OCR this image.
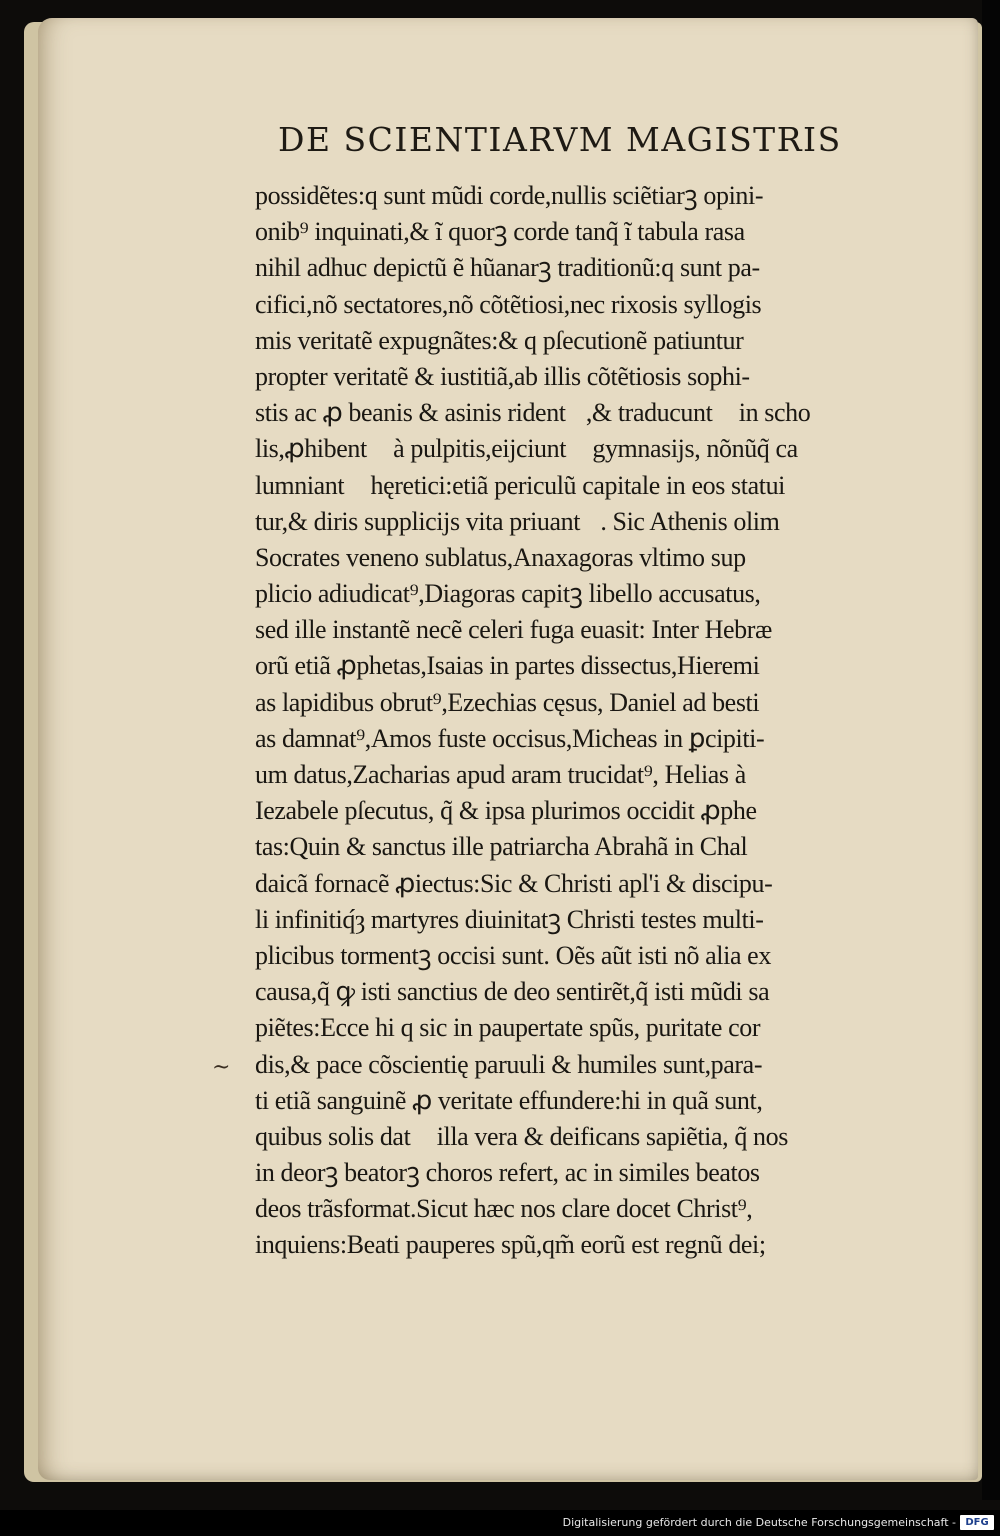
DE SCIENTIARVM MAGISTRIS
possidẽtes:q sunt mũdi corde,nullis sciẽtiarꝫ opini-
onib⁹ inquinati,& ĩ quorꝫ corde tanq̃ ĩ tabula rasa
nihil adhuc depictũ ẽ hũanarꝫ traditionũ:q sunt pa-
cifici,nõ sectatores,nõ cõtẽtiosi,nec rixosis syllogis
mis veritatẽ expugnãtes:& q pſecutionẽ patiuntur
propter veritatẽ & iustitiã,ab illis cõtẽtiosis sophi-
stis ac ꝓ beanis & asinis ridentᷓ,& traducuntᷓ in scho
lis,ꝓhibentᷓ à pulpitis,eijciuntᷓ gymnasijs, nõnũq̃ ca
lumniantᷓ hęretici:etiã periculũ capitale in eos statui
tur,& diris supplicijs vita priuantᷓ. Sic Athenis olim
Socrates veneno sublatus,Anaxagoras vltimo sup
plicio adiudicat⁹,Diagoras capitꝫ libello accusatus,
sed ille instantẽ necẽ celeri fuga euasit: Inter Hebræ
orũ etiã ꝓphetas,Isaias in partes dissectus,Hieremi
as lapidibus obrut⁹,Ezechias cęsus, Daniel ad besti
as damnat⁹,Amos fuste occisus,Micheas in ꝑcipiti-
um datus,Zacharias apud aram trucidat⁹, Helias à
Iezabele pſecutus, q̃ & ipsa plurimos occidit ꝓphe
tas:Quin & sanctus ille patriarcha Abrahã in Chal
daicã fornacẽ ꝓiectus:Sic & Christi apl'i & discipu-
li infinitiq́ȝ martyres diuinitatꝫ Christi testes multi-
plicibus tormentꝫ occisi sunt. Oẽs aũt isti nõ alia ex
causa,q̃ ꝙ isti sanctius de deo sentirẽt,q̃ isti mũdi sa
piẽtes:Ecce hi q sic in paupertate spũs, puritate cor
dis,& pace cõscientię paruuli & humiles sunt,para-
ti etiã sanguinẽ ꝓ veritate effundere:hi in quã sunt,
quibus solis datᷓ illa vera & deificans sapiẽtia, q̃ nos
in deorꝫ beatorꝫ choros refert, ac in similes beatos
deos trãsformat.Sicut hæc nos clare docet Christ⁹,
inquiens:Beati pauperes spũ,qm̃ eorũ est regnũ dei;
~
Digitalisierung gefördert durch die Deutsche Forschungsgemeinschaft - DFG
